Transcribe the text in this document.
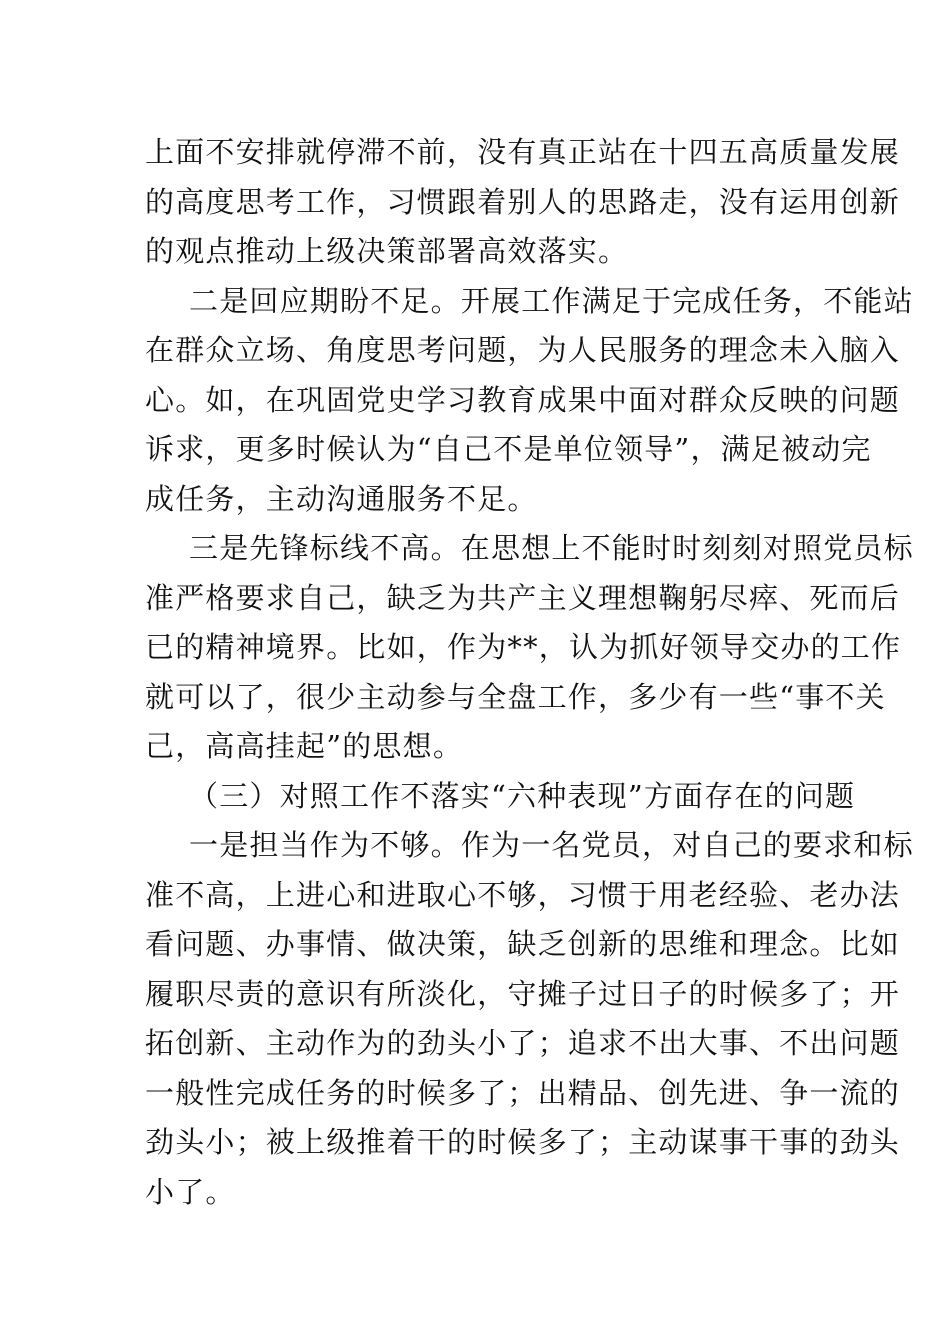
上面不安排就停滞不前，没有真正站在十四五高质量发展
的高度思考工作，习惯跟着别人的思路走，没有运用创新
的观点推动上级决策部署高效落实。
二是回应期盼不足。开展工作满足于完成任务，不能站
在群众立场、角度思考问题，为人民服务的理念未入脑入
心。如，在巩固党史学习教育成果中面对群众反映的问题
诉求，更多时候认为“自己不是单位领导”，满足被动完
成任务，主动沟通服务不足。
三是先锋标线不高。在思想上不能时时刻刻对照党员标
准严格要求自己，缺乏为共产主义理想鞠躬尽瘁、死而后
已的精神境界。比如，作为**，认为抓好领导交办的工作
就可以了，很少主动参与全盘工作，多少有一些“事不关
己，高高挂起”的思想。
（三）对照工作不落实“六种表现”方面存在的问题
一是担当作为不够。作为一名党员，对自己的要求和标
准不高，上进心和进取心不够，习惯于用老经验、老办法
看问题、办事情、做决策，缺乏创新的思维和理念。比如
履职尽责的意识有所淡化，守摊子过日子的时候多了；开
拓创新、主动作为的劲头小了；追求不出大事、不出问题
一般性完成任务的时候多了；出精品、创先进、争一流的
劲头小；被上级推着干的时候多了；主动谋事干事的劲头
小了。
